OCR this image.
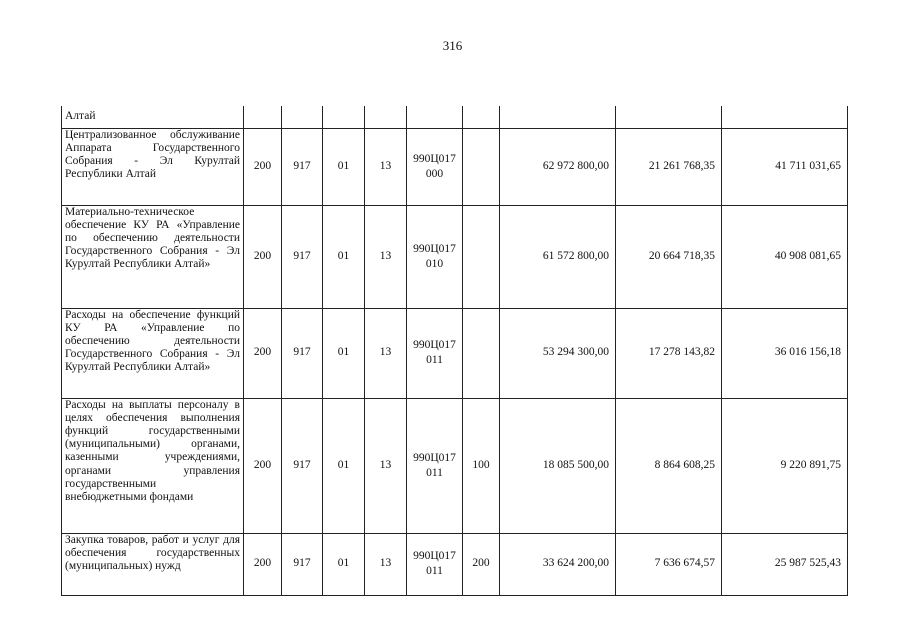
316
Алтай									
Централизованное обслуживание Аппарата Государственного Собрания - Эл Курултай Республики Алтай	200	917	01	13	990Ц017 000		62 972 800,00	21 261 768,35	41 711 031,65
Материально-техническое обеспечение КУ РА «Управление по обеспечению деятельности Государственного Собрания - Эл Курултай Республики Алтай»	200	917	01	13	990Ц017 010		61 572 800,00	20 664 718,35	40 908 081,65
Расходы на обеспечение функций КУ РА «Управление по обеспечению деятельности Государственного Собрания - Эл Курултай Республики Алтай»	200	917	01	13	990Ц017 011		53 294 300,00	17 278 143,82	36 016 156,18
Расходы на выплаты персоналу в целях обеспечения выполнения функций государственными (муниципальными) органами, казенными учреждениями, органами управления государственными внебюджетными фондами	200	917	01	13	990Ц017 011	100	18 085 500,00	8 864 608,25	9 220 891,75
Закупка товаров, работ и услуг для обеспечения государственных (муниципальных) нужд	200	917	01	13	990Ц017 011	200	33 624 200,00	7 636 674,57	25 987 525,43
